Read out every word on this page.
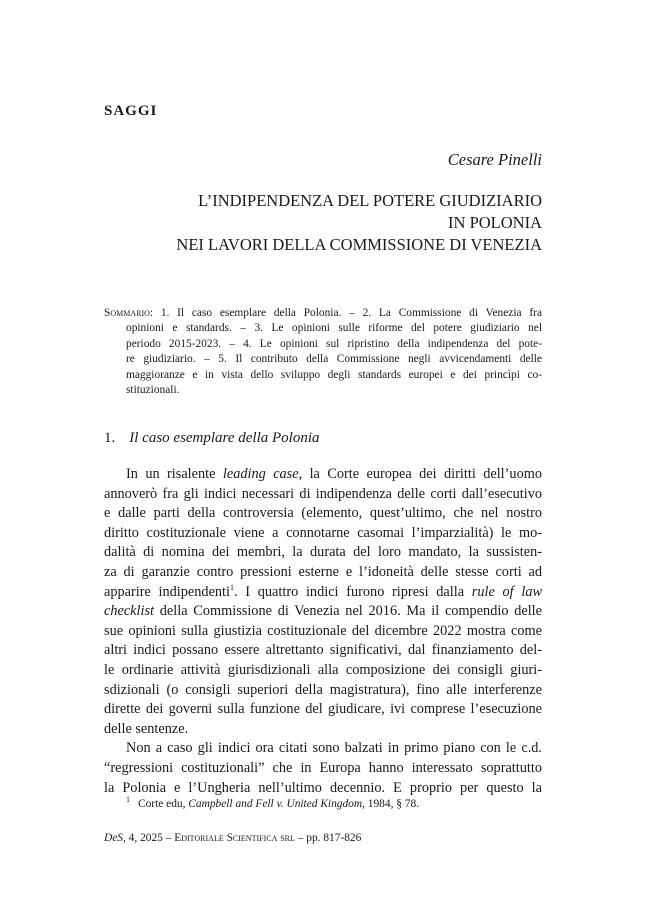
SAGGI
Cesare Pinelli
L’INDIPENDENZA DEL POTERE GIUDIZIARIO
IN POLONIA
NEI LAVORI DELLA COMMISSIONE DI VENEZIA
Sommario: 1. Il caso esemplare della Polonia. – 2. La Commissione di Venezia fra
opinioni e standards. – 3. Le opinioni sulle riforme del potere giudiziario nel
periodo 2015-2023. – 4. Le opinioni sul ripristino della indipendenza del pote-
re giudiziario. – 5. Il contributo della Commissione negli avvicendamenti delle
maggioranze e in vista dello sviluppo degli standards europei e dei princìpi co-
stituzionali.
1. Il caso esemplare della Polonia
In un risalente leading case, la Corte europea dei diritti dell’uomo
annoverò fra gli indici necessari di indipendenza delle corti dall’esecutivo
e dalle parti della controversia (elemento, quest’ultimo, che nel nostro
diritto costituzionale viene a connotarne casomai l’imparzialità) le mo-
dalità di nomina dei membri, la durata del loro mandato, la sussisten-
za di garanzie contro pressioni esterne e l’idoneità delle stesse corti ad
apparire indipendenti$^1$. I quattro indici furono ripresi dalla rule of law
checklist della Commissione di Venezia nel 2016. Ma il compendio delle
sue opinioni sulla giustizia costituzionale del dicembre 2022 mostra come
altri indici possano essere altrettanto significativi, dal finanziamento del-
le ordinarie attività giurisdizionali alla composizione dei consigli giuri-
sdizionali (o consigli superiori della magistratura), fino alle interferenze
dirette dei governi sulla funzione del giudicare, ivi comprese l’esecuzione
delle sentenze.
Non a caso gli indici ora citati sono balzati in primo piano con le c.d.
“regressioni costituzionali” che in Europa hanno interessato soprattutto
la Polonia e l’Ungheria nell’ultimo decennio. E proprio per questo la
$^1$ Corte edu, Campbell and Fell v. United Kingdom, 1984, § 78.
DeS, 4, 2025 – Editoriale Scientifica srl – pp. 817-826
